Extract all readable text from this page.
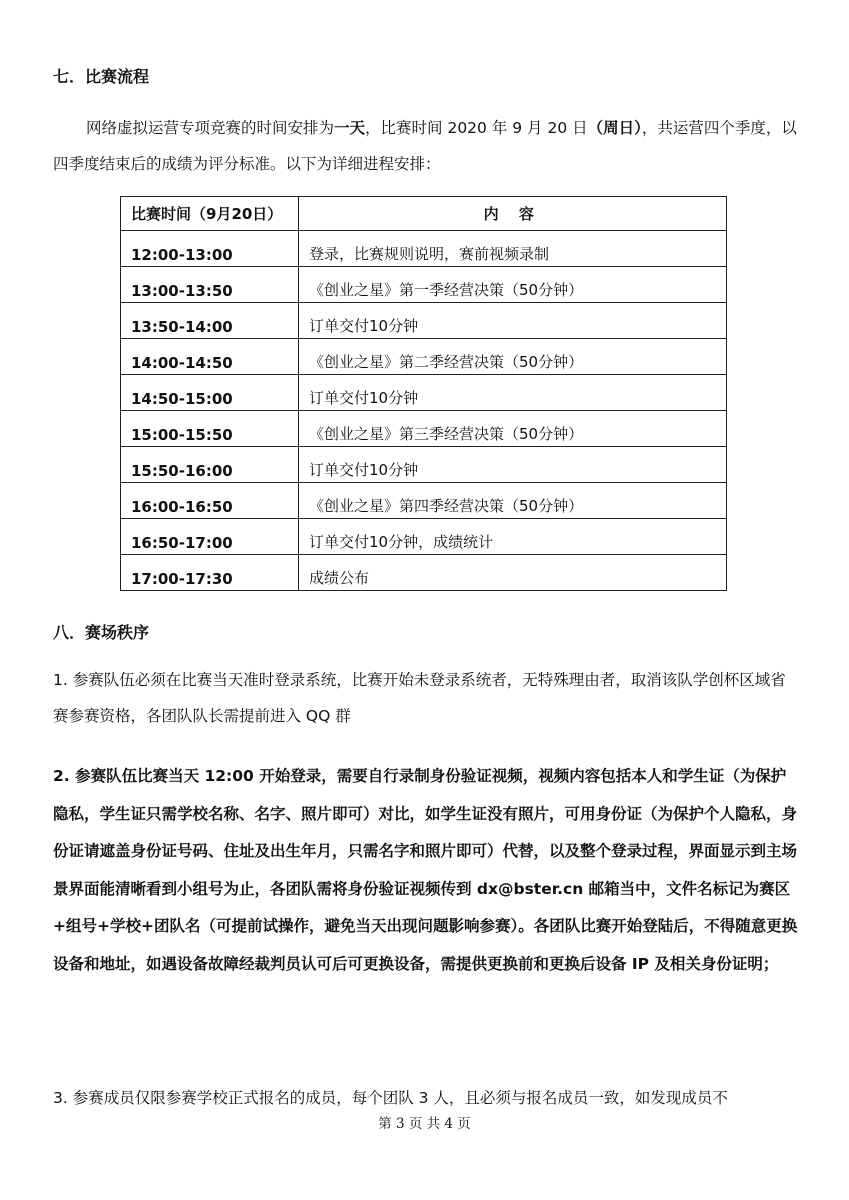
七．比赛流程
网络虚拟运营专项竞赛的时间安排为一天，比赛时间 2020 年 9 月 20 日（周日），共运营四个季度，以四季度结束后的成绩为评分标准。以下为详细进程安排：
比赛时间（9月20日）	内 容
12:00-13:00	登录，比赛规则说明，赛前视频录制
13:00-13:50	《创业之星》第一季经营决策（50分钟）
13:50-14:00	订单交付10分钟
14:00-14:50	《创业之星》第二季经营决策（50分钟）
14:50-15:00	订单交付10分钟
15:00-15:50	《创业之星》第三季经营决策（50分钟）
15:50-16:00	订单交付10分钟
16:00-16:50	《创业之星》第四季经营决策（50分钟）
16:50-17:00	订单交付10分钟，成绩统计
17:00-17:30	成绩公布
八．赛场秩序
1. 参赛队伍必须在比赛当天准时登录系统，比赛开始未登录系统者，无特殊理由者，取消该队学创杯区域省赛参赛资格，各团队队长需提前进入 QQ 群
2. 参赛队伍比赛当天 12:00 开始登录，需要自行录制身份验证视频，视频内容包括本人和学生证（为保护隐私，学生证只需学校名称、名字、照片即可）对比，如学生证没有照片，可用身份证（为保护个人隐私，身份证请遮盖身份证号码、住址及出生年月，只需名字和照片即可）代替，以及整个登录过程，界面显示到主场景界面能清晰看到小组号为止，各团队需将身份验证视频传到 dx@bster.cn 邮箱当中，文件名标记为赛区+组号+学校+团队名（可提前试操作，避免当天出现问题影响参赛）。各团队比赛开始登陆后，不得随意更换设备和地址，如遇设备故障经裁判员认可后可更换设备，需提供更换前和更换后设备 IP 及相关身份证明；
3. 参赛成员仅限参赛学校正式报名的成员，每个团队 3 人，且必须与报名成员一致，如发现成员不
第 3 页 共 4 页
